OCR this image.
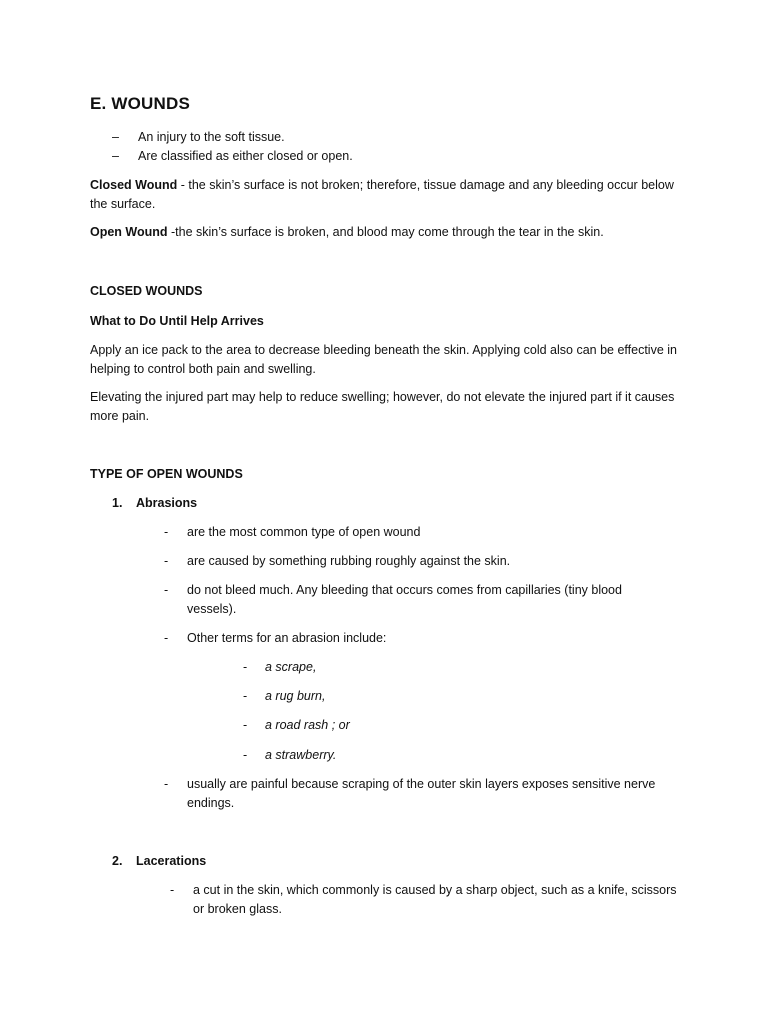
E. WOUNDS
– An injury to the soft tissue.
– Are classified as either closed or open.

Closed Wound - the skin’s surface is not broken; therefore, tissue damage and any bleeding occur below the surface.

Open Wound -the skin’s surface is broken, and blood may come through the tear in the skin.

CLOSED WOUNDS
What to Do Until Help Arrives

Apply an ice pack to the area to decrease bleeding beneath the skin. Applying cold also can be effective in helping to control both pain and swelling.

Elevating the injured part may help to reduce swelling; however, do not elevate the injured part if it causes more pain.

TYPE OF OPEN WOUNDS
1. Abrasions
-	are the most common type of open wound
-	are caused by something rubbing roughly against the skin.
-	do not bleed much. Any bleeding that occurs comes from capillaries (tiny blood vessels).
-	Other terms for an abrasion include:
-	a scrape,
-	a rug burn,
-	a road rash ; or
-	a strawberry.
-	usually are painful because scraping of the outer skin layers exposes sensitive nerve endings.
2. Lacerations
-	a cut in the skin, which commonly is caused by a sharp object, such as a knife, scissors or broken glass.
